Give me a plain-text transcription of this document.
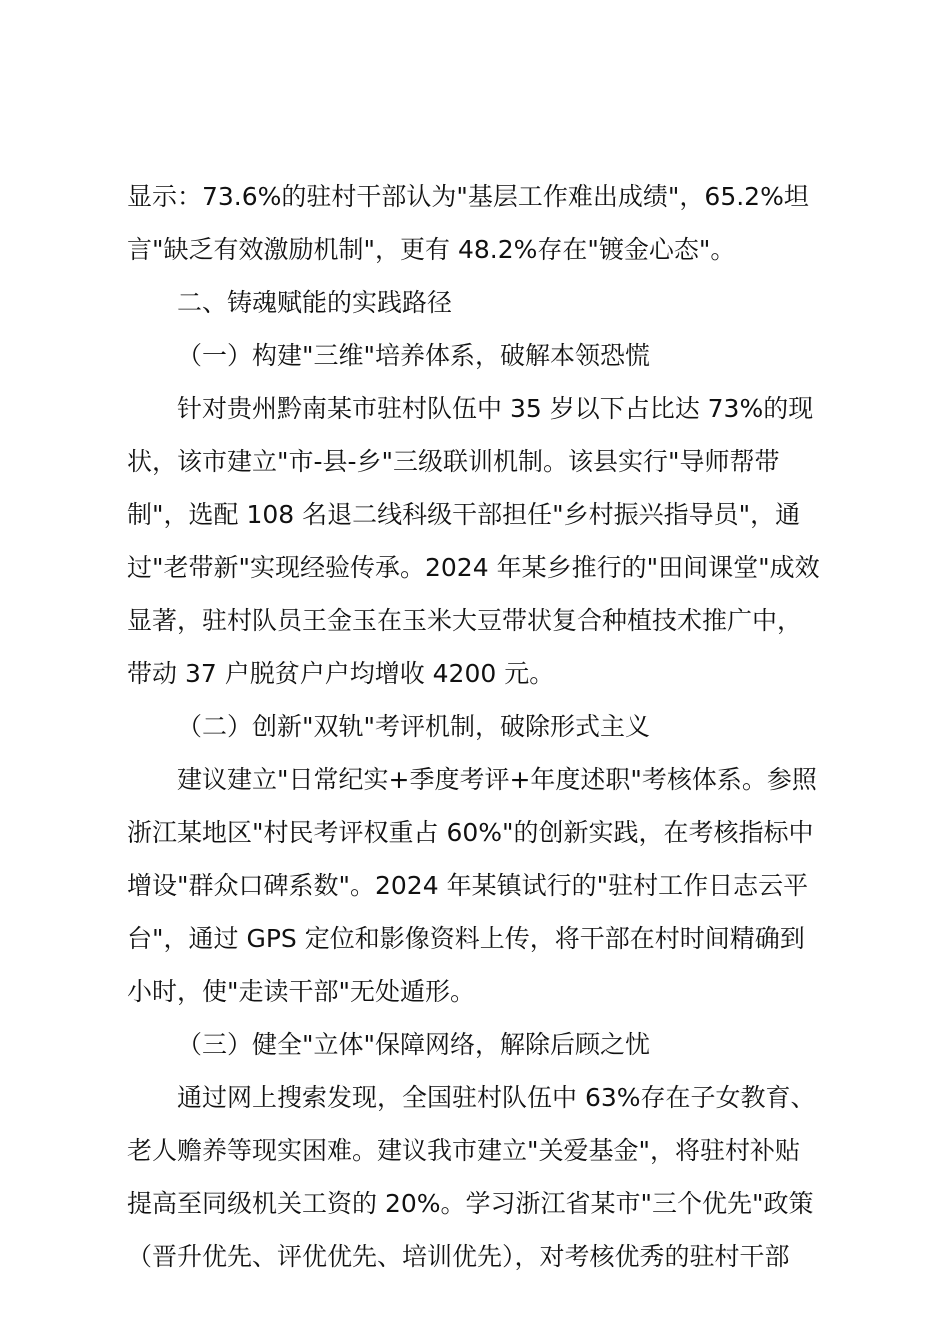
显示：73.6%的驻村干部认为"基层工作难出成绩"，65.2%坦
言"缺乏有效激励机制"，更有 48.2%存在"镀金心态"。

二、铸魂赋能的实践路径

（一）构建"三维"培养体系，破解本领恐慌

针对贵州黔南某市驻村队伍中 35 岁以下占比达 73%的现
状，该市建立"市-县-乡"三级联训机制。该县实行"导师帮带
制"，选配 108 名退二线科级干部担任"乡村振兴指导员"，通
过"老带新"实现经验传承。2024 年某乡推行的"田间课堂"成效
显著，驻村队员王金玉在玉米大豆带状复合种植技术推广中，
带动 37 户脱贫户户均增收 4200 元。

（二）创新"双轨"考评机制，破除形式主义

建议建立"日常纪实+季度考评+年度述职"考核体系。参照
浙江某地区"村民考评权重占 60%"的创新实践，在考核指标中
增设"群众口碑系数"。2024 年某镇试行的"驻村工作日志云平
台"，通过 GPS 定位和影像资料上传，将干部在村时间精确到
小时，使"走读干部"无处遁形。

（三）健全"立体"保障网络，解除后顾之忧

通过网上搜索发现，全国驻村队伍中 63%存在子女教育、
老人赡养等现实困难。建议我市建立"关爱基金"，将驻村补贴
提高至同级机关工资的 20%。学习浙江省某市"三个优先"政策
（晋升优先、评优优先、培训优先），对考核优秀的驻村干部
